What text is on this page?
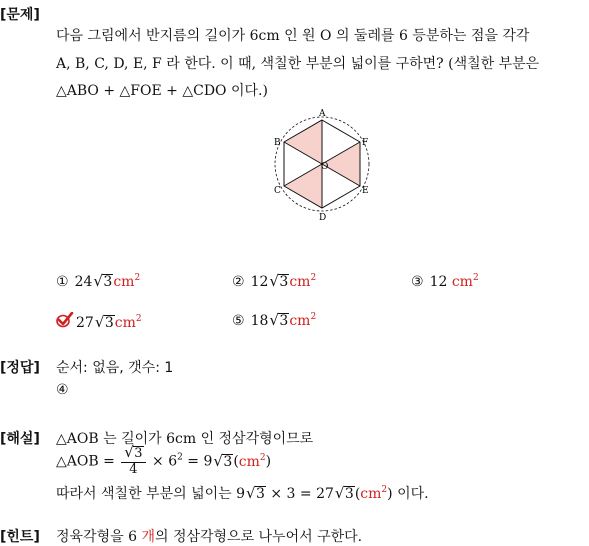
[문제]
다음 그림에서 반지름의 길이가 6cm 인 원 O 의 둘레를 6 등분하는 점을 각각
A, B, C, D, E, F 라 한다. 이 때, 색칠한 부분의 넓이를 구하면? (색칠한 부분은
△ABO + △FOE + △CDO 이다.)
A
B
C
D
E
F
O
① 24 √ $3cm^2$	② 12 √ $3cm^2$	③ 12 $cm^2$
27 √ $3cm^2$	⑤ 18 √ $3cm^2$
[정답] 순서: 없음, 갯수: 1
④
[해설] △AOB 는 길이가 6cm 인 정삼각형이므로
△AOB = $\frac{√ 3}{4} \times 6^2 = 9$ √ $3(cm^2)$
따라서 색칠한 부분의 넓이는 9 √ 3 × 3 = 27 √ $3(cm^2)$ 이다.
[힌트] 정육각형을 6 개의 정삼각형으로 나누어서 구한다.
